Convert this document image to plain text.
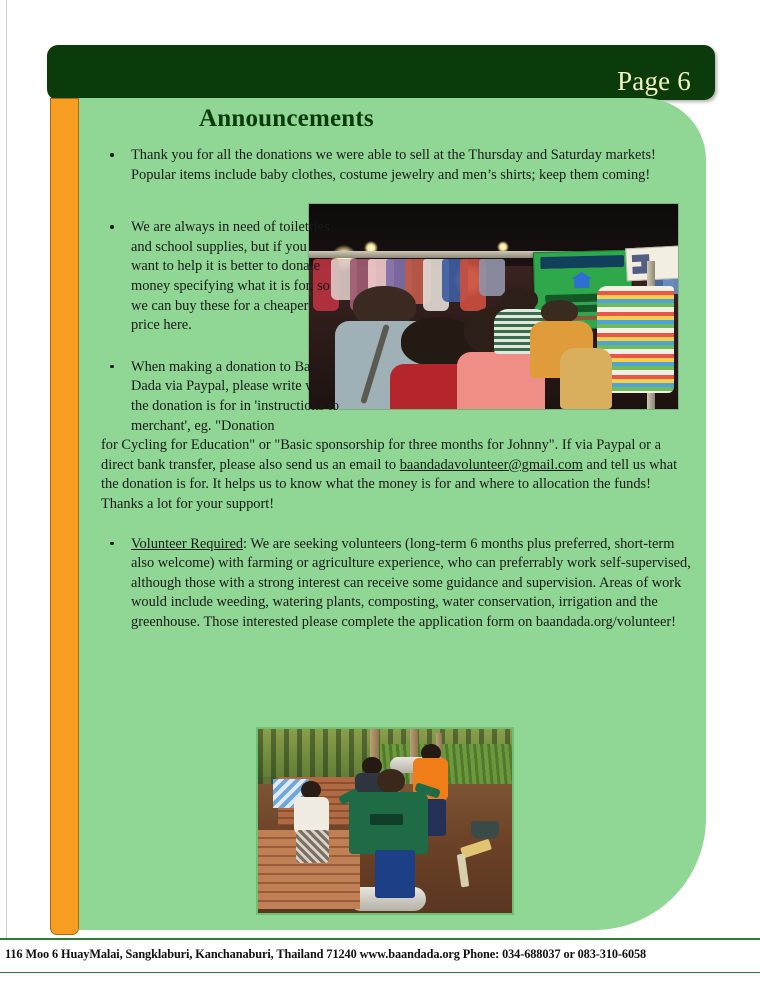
Page 6
Announcements
Thank you for all the donations we were able to sell at the Thursday and Saturday markets! Popular items include baby clothes, costume jewelry and men’s shirts; keep them coming!
We are always in need of toiletries and school supplies, but if you want to help it is better to donate money specifying what it is for, so we can buy these for a cheaper price here.
When making a donation to Baan Dada via Paypal, please write what the donation is for in 'instructions to merchant', eg. "Donation
for Cycling for Education" or "Basic sponsorship for three months for Johnny". If via Paypal or a direct bank transfer, please also send us an email to baandadavolunteer@gmail.com and tell us what the donation is for. It helps us to know what the money is for and where to allocation the funds! Thanks a lot for your support!
Volunteer Required: We are seeking volunteers (long-term 6 months plus preferred, short-term also welcome) with farming or agriculture experience, who can preferrably work self-supervised, although those with a strong interest can receive some guidance and supervision. Areas of work would include weeding, watering plants, composting, water conservation, irrigation and the greenhouse. Those interested please complete the application form on baandada.org/volunteer!
116 Moo 6 HuayMalai, Sangklaburi, Kanchanaburi, Thailand 71240 www.baandada.org Phone: 034-688037 or 083-310-6058
